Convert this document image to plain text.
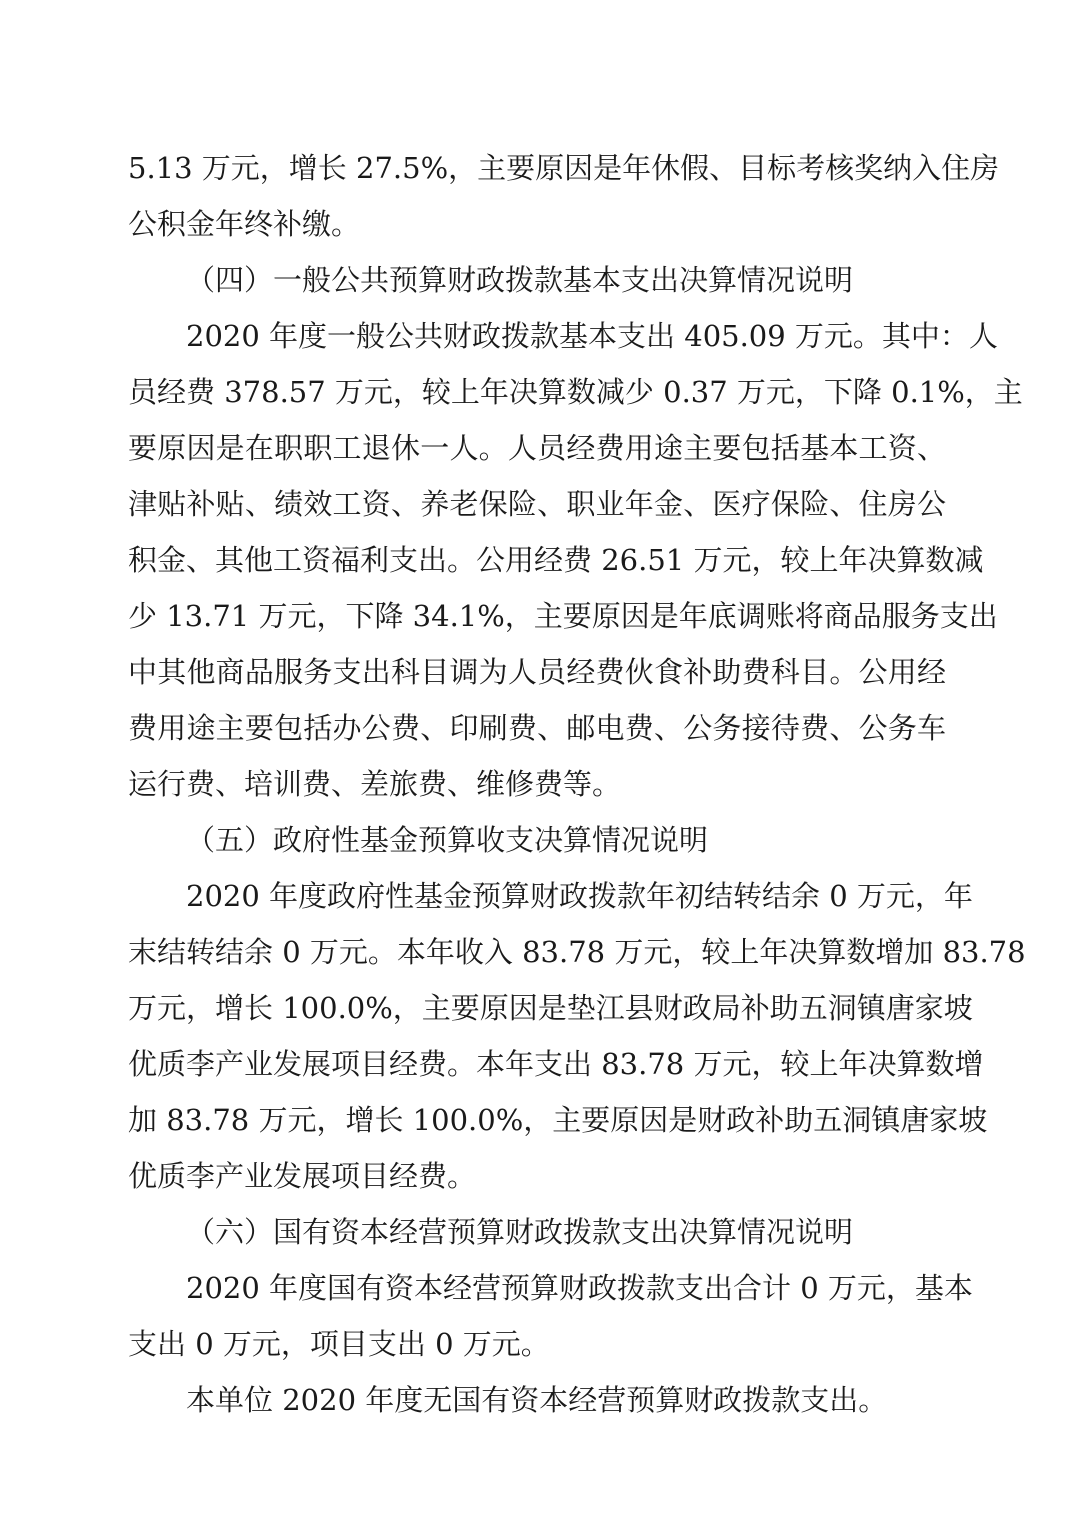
5.13 万元，增长 27.5%，主要原因是年休假、目标考核奖纳入住房
公积金年终补缴。
（四）一般公共预算财政拨款基本支出决算情况说明
2020 年度一般公共财政拨款基本支出 405.09 万元。其中：人
员经费 378.57 万元，较上年决算数减少 0.37 万元，下降 0.1%，主
要原因是在职职工退休一人。人员经费用途主要包括基本工资、
津贴补贴、绩效工资、养老保险、职业年金、医疗保险、住房公
积金、其他工资福利支出。公用经费 26.51 万元，较上年决算数减
少 13.71 万元，下降 34.1%，主要原因是年底调账将商品服务支出
中其他商品服务支出科目调为人员经费伙食补助费科目。公用经
费用途主要包括办公费、印刷费、邮电费、公务接待费、公务车
运行费、培训费、差旅费、维修费等。
（五）政府性基金预算收支决算情况说明
2020 年度政府性基金预算财政拨款年初结转结余 0 万元，年
末结转结余 0 万元。本年收入 83.78 万元，较上年决算数增加 83.78
万元，增长 100.0%，主要原因是垫江县财政局补助五洞镇唐家坡
优质李产业发展项目经费。本年支出 83.78 万元，较上年决算数增
加 83.78 万元，增长 100.0%，主要原因是财政补助五洞镇唐家坡
优质李产业发展项目经费。
（六）国有资本经营预算财政拨款支出决算情况说明
2020 年度国有资本经营预算财政拨款支出合计 0 万元，基本
支出 0 万元，项目支出 0 万元。
本单位 2020 年度无国有资本经营预算财政拨款支出。
